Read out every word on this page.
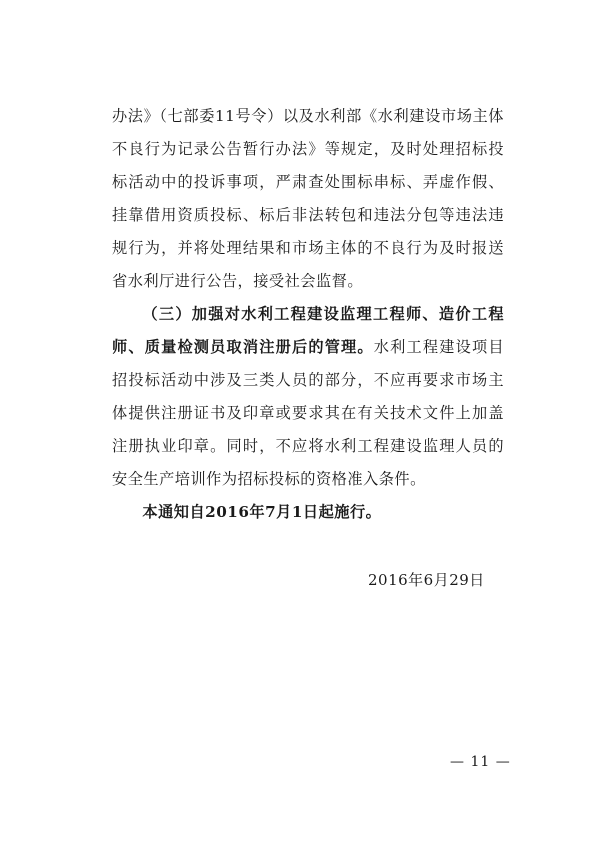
办法》（七部委11号令）以及水利部《水利建设市场主体不良行为记录公告暂行办法》等规定，及时处理招标投标活动中的投诉事项，严肃查处围标串标、弄虚作假、挂靠借用资质投标、标后非法转包和违法分包等违法违规行为，并将处理结果和市场主体的不良行为及时报送省水利厅进行公告，接受社会监督。

（三）加强对水利工程建设监理工程师、造价工程师、质量检测员取消注册后的管理。水利工程建设项目招投标活动中涉及三类人员的部分，不应再要求市场主体提供注册证书及印章或要求其在有关技术文件上加盖注册执业印章。同时，不应将水利工程建设监理人员的安全生产培训作为招标投标的资格准入条件。

本通知自2016年7月1日起施行。

2016年6月29日
— 11 —
